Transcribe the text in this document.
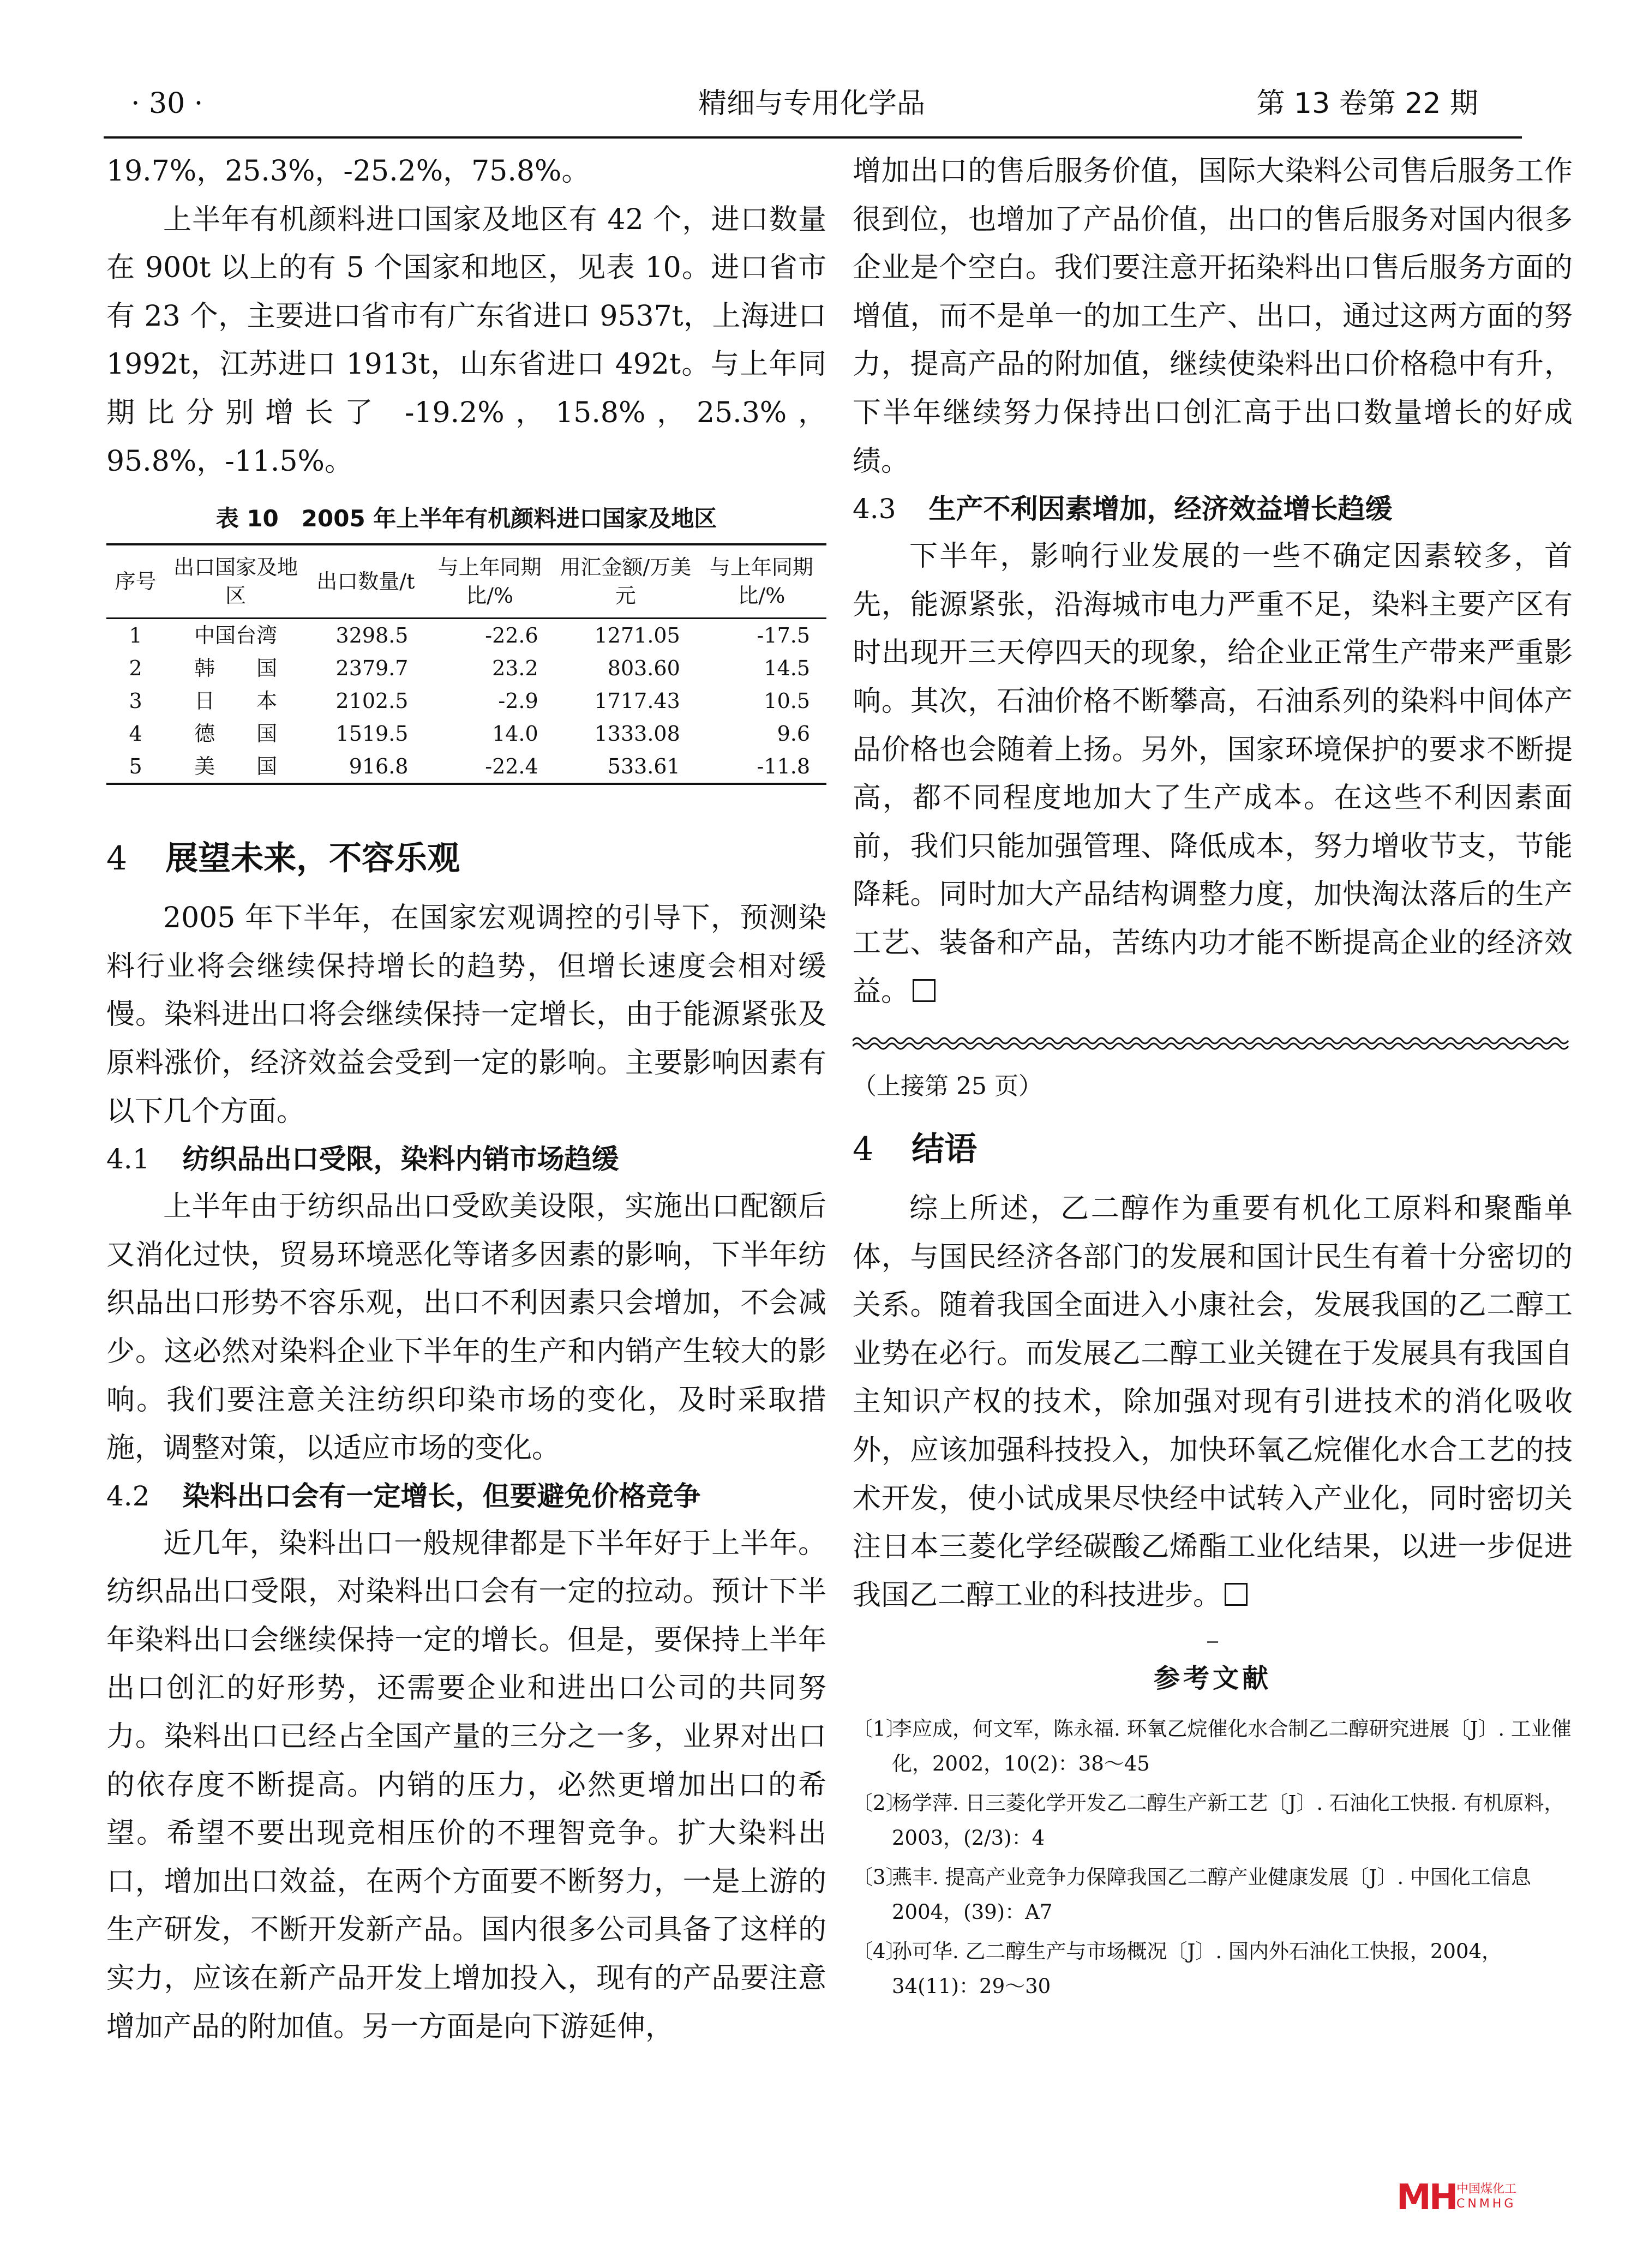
· 30 ·	精细与专用化学品	第 13 卷第 22 期

19.7%，25.3%，-25.2%，75.8%。

上半年有机颜料进口国家及地区有 42 个，进口数量在 900t 以上的有 5 个国家和地区，见表 10。进口省市有 23 个，主要进口省市有广东省进口 9537t，上海进口 1992t，江苏进口 1913t，山东省进口 492t。与上年同期比分别增长了 -19.2%，15.8%，25.3%，95.8%，-11.5%。

表 10　2005 年上半年有机颜料进口国家及地区
序号	出口国家及地区	出口数量/t	与上年同期比/%	用汇金额/万美元	与上年同期比/%
1	中国台湾	3298.5	-22.6	1271.05	-17.5
2	韩　　国	2379.7	23.2	803.60	14.5
3	日　　本	2102.5	-2.9	1717.43	10.5
4	德　　国	1519.5	14.0	1333.08	9.6
5	美　　国	916.8	-22.4	533.61	-11.8
4 展望未来，不容乐观

2005 年下半年，在国家宏观调控的引导下，预测染料行业将会继续保持增长的趋势，但增长速度会相对缓慢。染料进出口将会继续保持一定增长，由于能源紧张及原料涨价，经济效益会受到一定的影响。主要影响因素有以下几个方面。

4.1 纺织品出口受限，染料内销市场趋缓

上半年由于纺织品出口受欧美设限，实施出口配额后又消化过快，贸易环境恶化等诸多因素的影响，下半年纺织品出口形势不容乐观，出口不利因素只会增加，不会减少。这必然对染料企业下半年的生产和内销产生较大的影响。我们要注意关注纺织印染市场的变化，及时采取措施，调整对策，以适应市场的变化。

4.2 染料出口会有一定增长，但要避免价格竞争

近几年，染料出口一般规律都是下半年好于上半年。纺织品出口受限，对染料出口会有一定的拉动。预计下半年染料出口会继续保持一定的增长。但是，要保持上半年出口创汇的好形势，还需要企业和进出口公司的共同努力。染料出口已经占全国产量的三分之一多，业界对出口的依存度不断提高。内销的压力，必然更增加出口的希望。希望不要出现竞相压价的不理智竞争。扩大染料出口，增加出口效益，在两个方面要不断努力，一是上游的生产研发，不断开发新产品。国内很多公司具备了这样的实力，应该在新产品开发上增加投入，现有的产品要注意增加产品的附加值。另一方面是向下游延伸，

增加出口的售后服务价值，国际大染料公司售后服务工作很到位，也增加了产品价值，出口的售后服务对国内很多企业是个空白。我们要注意开拓染料出口售后服务方面的增值，而不是单一的加工生产、出口，通过这两方面的努力，提高产品的附加值，继续使染料出口价格稳中有升，下半年继续努力保持出口创汇高于出口数量增长的好成绩。

4.3 生产不利因素增加，经济效益增长趋缓

下半年，影响行业发展的一些不确定因素较多，首先，能源紧张，沿海城市电力严重不足，染料主要产区有时出现开三天停四天的现象，给企业正常生产带来严重影响。其次，石油价格不断攀高，石油系列的染料中间体产品价格也会随着上扬。另外，国家环境保护的要求不断提高，都不同程度地加大了生产成本。在这些不利因素面前，我们只能加强管理、降低成本，努力增收节支，节能降耗。同时加大产品结构调整力度，加快淘汰落后的生产工艺、装备和产品，苦练内功才能不断提高企业的经济效益。

（上接第 25 页）
4 结语

综上所述，乙二醇作为重要有机化工原料和聚酯单体，与国民经济各部门的发展和国计民生有着十分密切的关系。随着我国全面进入小康社会，发展我国的乙二醇工业势在必行。而发展乙二醇工业关键在于发展具有我国自主知识产权的技术，除加强对现有引进技术的消化吸收外，应该加强科技投入，加快环氧乙烷催化水合工艺的技术开发，使小试成果尽快经中试转入产业化，同时密切关注日本三菱化学经碳酸乙烯酯工业化结果，以进一步促进我国乙二醇工业的科技进步。

参考文献
〔1〕
李应成，何文军，陈永福. 环氧乙烷催化水合制乙二醇研究进展〔J〕. 工业催化，2002，10(2)：38～45
〔2〕
杨学萍. 日三菱化学开发乙二醇生产新工艺〔J〕. 石油化工快报. 有机原料，2003，(2/3)：4
〔3〕
燕丰. 提高产业竞争力保障我国乙二醇产业健康发展〔J〕. 中国化工信息 2004，(39)：A7
〔4〕
孙可华. 乙二醇生产与市场概况〔J〕. 国内外石油化工快报，2004，34(11)：29～30
MH 中国煤化工
CNMHG
